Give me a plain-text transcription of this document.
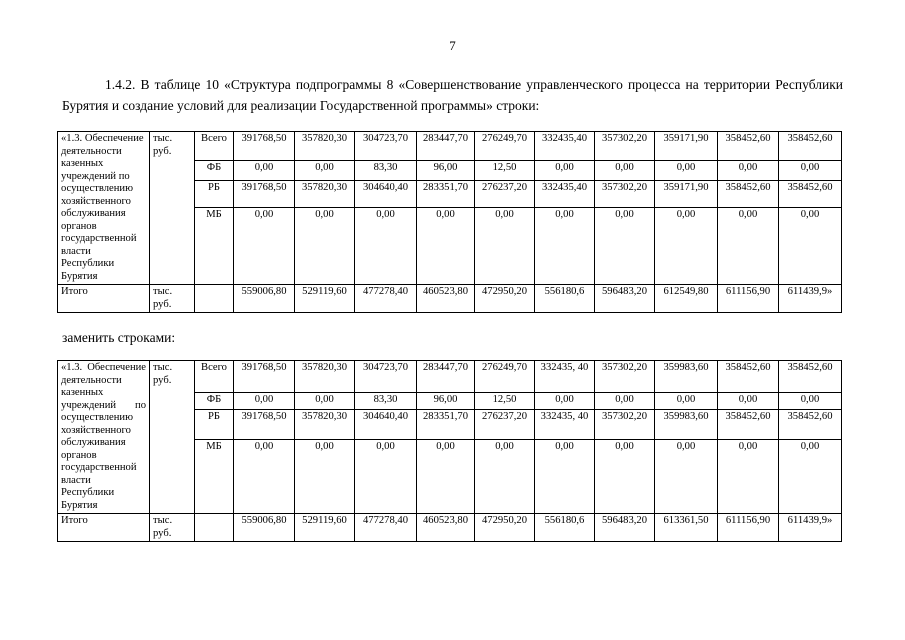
7

1.4.2. В таблице 10 «Структура подпрограммы 8 «Совершенствование управленческого процесса на территории Республики Бурятия и создание условий для реализации Государственной программы» строки:

«1.3. Обеспечение деятельности казенных учреждений по осуществлению хозяйственного обслуживания органов государственной власти Республики Бурятия	тыс. руб.	Всего	391768,50	357820,30	304723,70	283447,70	276249,70	332435,40	357302,20	359171,90	358452,60	358452,60
		ФБ	0,00	0,00	83,30	96,00	12,50	0,00	0,00	0,00	0,00	0,00
		РБ	391768,50	357820,30	304640,40	283351,70	276237,20	332435,40	357302,20	359171,90	358452,60	358452,60
		МБ	0,00	0,00	0,00	0,00	0,00	0,00	0,00	0,00	0,00	0,00
Итого	тыс. руб.		559006,80	529119,60	477278,40	460523,80	472950,20	556180,6	596483,20	612549,80	611156,90	611439,9»

заменить строками:

«1.3. Обеспечение деятельности казенных учреждений по осуществлению хозяйственного обслуживания органов государственной власти Республики Бурятия	тыс. руб.	Всего	391768,50	357820,30	304723,70	283447,70	276249,70	332435, 40	357302,20	359983,60	358452,60	358452,60
		ФБ	0,00	0,00	83,30	96,00	12,50	0,00	0,00	0,00	0,00	0,00
		РБ	391768,50	357820,30	304640,40	283351,70	276237,20	332435, 40	357302,20	359983,60	358452,60	358452,60
		МБ	0,00	0,00	0,00	0,00	0,00	0,00	0,00	0,00	0,00	0,00
Итого	тыс. руб.		559006,80	529119,60	477278,40	460523,80	472950,20	556180,6	596483,20	613361,50	611156,90	611439,9»
